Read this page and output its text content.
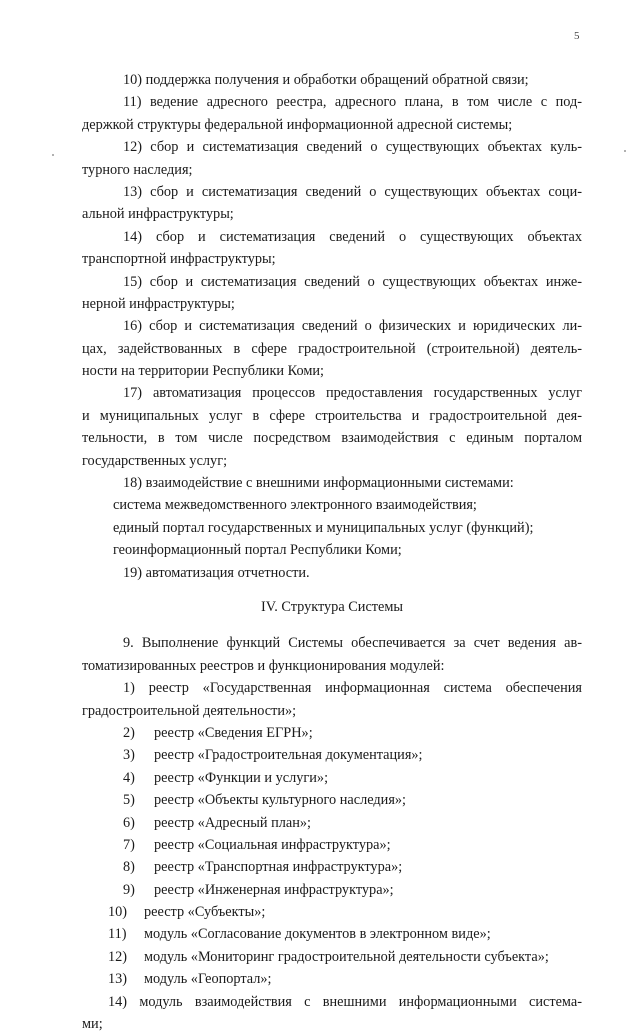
5
10) поддержка получения и обработки обращений обратной связи;
11) ведение адресного реестра, адресного плана, в том числе с под-
держкой структуры федеральной информационной адресной системы;
12) сбор и систематизация сведений о существующих объектах куль-
турного наследия;
13) сбор и систематизация сведений о существующих объектах соци-
альной инфраструктуры;
14) сбор и систематизация сведений о существующих объектах
транспортной инфраструктуры;
15) сбор и систематизация сведений о существующих объектах инже-
нерной инфраструктуры;
16) сбор и систематизация сведений о физических и юридических ли-
цах, задействованных в сфере градостроительной (строительной) деятель-
ности на территории Республики Коми;
17) автоматизация процессов предоставления государственных услуг
и муниципальных услуг в сфере строительства и градостроительной дея-
тельности, в том числе посредством взаимодействия с единым порталом
государственных услуг;
18) взаимодействие с внешними информационными системами:
система межведомственного электронного взаимодействия;
единый портал государственных и муниципальных услуг (функций);
геоинформационный портал Республики Коми;
19) автоматизация отчетности.
IV. Структура Системы
9. Выполнение функций Системы обеспечивается за счет ведения ав-
томатизированных реестров и функционирования модулей:
1) реестр «Государственная информационная система обеспечения
градостроительной деятельности»;
2) реестр «Сведения ЕГРН»;
3) реестр «Градостроительная документация»;
4) реестр «Функции и услуги»;
5) реестр «Объекты культурного наследия»;
6) реестр «Адресный план»;
7) реестр «Социальная инфраструктура»;
8) реестр «Транспортная инфраструктура»;
9) реестр «Инженерная инфраструктура»;
10) реестр «Субъекты»;
11) модуль «Согласование документов в электронном виде»;
12) модуль «Мониторинг градостроительной деятельности субъекта»;
13) модуль «Геопортал»;
14) модуль взаимодействия с внешними информационными система-
ми;
